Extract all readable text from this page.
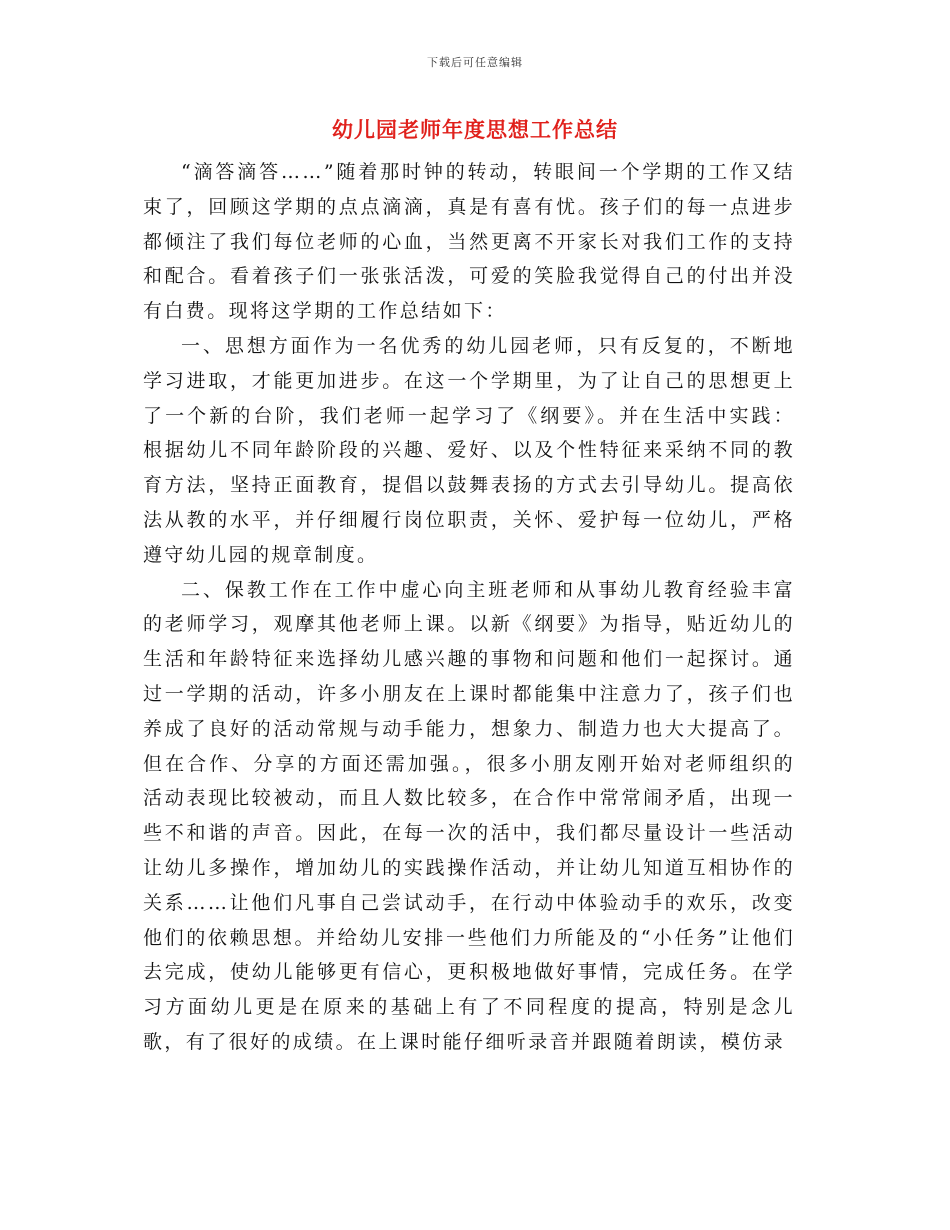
下载后可任意编辑
幼儿园老师年度思想工作总结

“滴答滴答……”随着那时钟的转动，转眼间一个学期的工作又结束了，回顾这学期的点点滴滴，真是有喜有忧。孩子们的每一点进步都倾注了我们每位老师的心血，当然更离不开家长对我们工作的支持和配合。看着孩子们一张张活泼，可爱的笑脸我觉得自己的付出并没有白费。现将这学期的工作总结如下：

一、思想方面作为一名优秀的幼儿园老师，只有反复的，不断地学习进取，才能更加进步。在这一个学期里，为了让自己的思想更上了一个新的台阶，我们老师一起学习了《纲要》。并在生活中实践：根据幼儿不同年龄阶段的兴趣、爱好、以及个性特征来采纳不同的教育方法，坚持正面教育，提倡以鼓舞表扬的方式去引导幼儿。提高依法从教的水平，并仔细履行岗位职责，关怀、爱护每一位幼儿，严格遵守幼儿园的规章制度。

二、保教工作在工作中虚心向主班老师和从事幼儿教育经验丰富的老师学习，观摩其他老师上课。以新《纲要》为指导，贴近幼儿的生活和年龄特征来选择幼儿感兴趣的事物和问题和他们一起探讨。通过一学期的活动，许多小朋友在上课时都能集中注意力了，孩子们也养成了良好的活动常规与动手能力，想象力、制造力也大大提高了。但在合作、分享的方面还需加强。，很多小朋友刚开始对老师组织的活动表现比较被动，而且人数比较多，在合作中常常闹矛盾，出现一些不和谐的声音。因此，在每一次的活中，我们都尽量设计一些活动让幼儿多操作，增加幼儿的实践操作活动，并让幼儿知道互相协作的关系……让他们凡事自己尝试动手，在行动中体验动手的欢乐，改变他们的依赖思想。并给幼儿安排一些他们力所能及的“小任务”让他们去完成，使幼儿能够更有信心，更积极地做好事情，完成任务。在学习方面幼儿更是在原来的基础上有了不同程度的提高，特别是念儿歌，有了很好的成绩。在上课时能仔细听录音并跟随着朗读，模仿录
